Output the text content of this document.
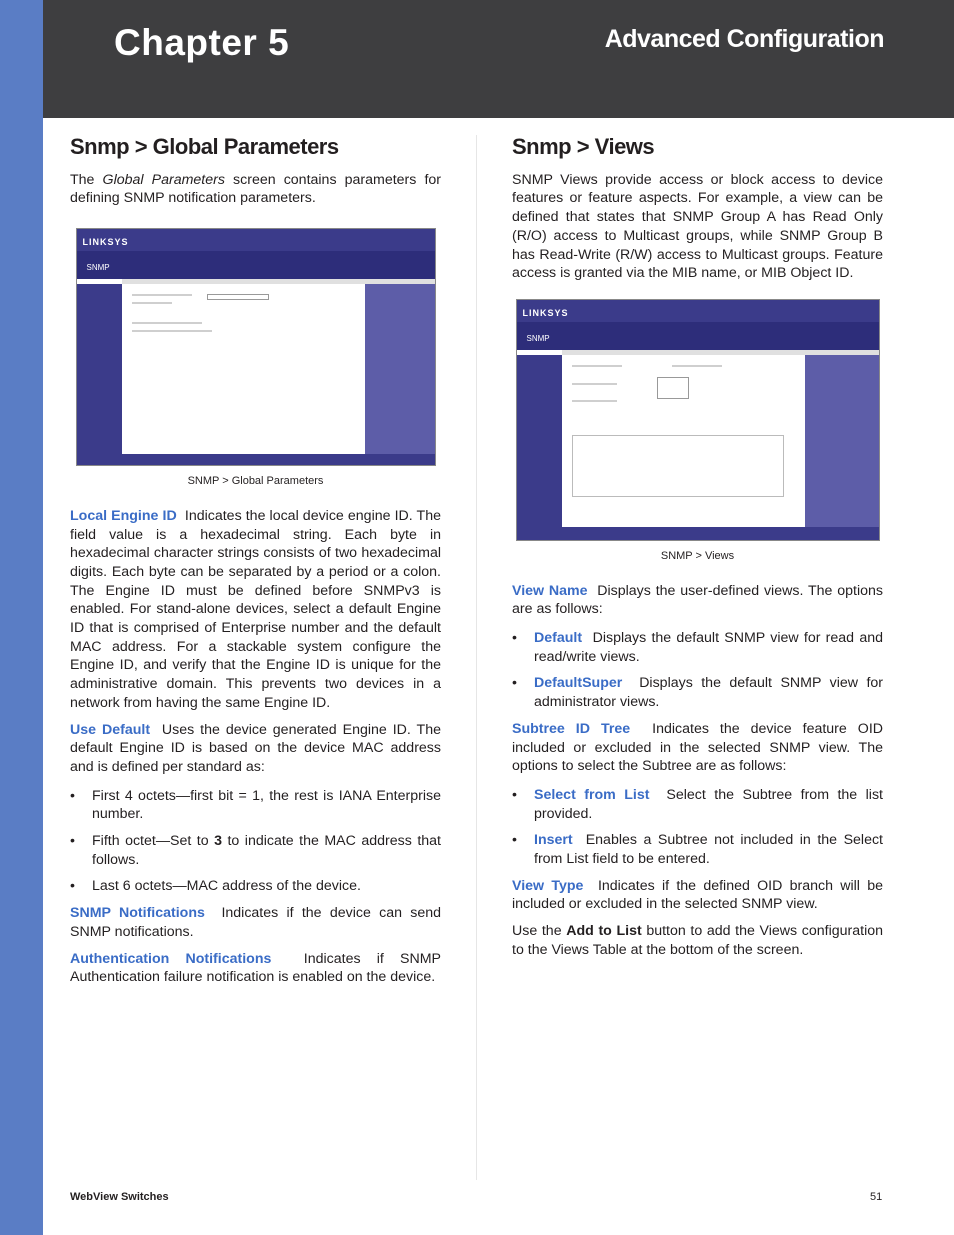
Chapter 5	Advanced Configuration
Snmp > Global Parameters

The Global Parameters screen contains parameters for defining SNMP notification parameters.

LINKSYS
SNMP
SNMP > Global Parameters

Local Engine ID Indicates the local device engine ID. The field value is a hexadecimal string. Each byte in hexadecimal character strings consists of two hexadecimal digits. Each byte can be separated by a period or a colon. The Engine ID must be defined before SNMPv3 is enabled. For stand-alone devices, select a default Engine ID that is comprised of Enterprise number and the default MAC address. For a stackable system configure the Engine ID, and verify that the Engine ID is unique for the administrative domain. This prevents two devices in a network from having the same Engine ID.

Use Default Uses the device generated Engine ID. The default Engine ID is based on the device MAC address and is defined per standard as:

• First 4 octets—first bit = 1, the rest is IANA Enterprise number.
• Fifth octet—Set to 3 to indicate the MAC address that follows.
• Last 6 octets—MAC address of the device.

SNMP Notifications Indicates if the device can send SNMP notifications.

Authentication Notifications Indicates if SNMP Authentication failure notification is enabled on the device.

Snmp > Views

SNMP Views provide access or block access to device features or feature aspects. For example, a view can be defined that states that SNMP Group A has Read Only (R/O) access to Multicast groups, while SNMP Group B has Read-Write (R/W) access to Multicast groups. Feature access is granted via the MIB name, or MIB Object ID.

LINKSYS
SNMP
SNMP > Views

View Name Displays the user-defined views. The options are as follows:

• Default Displays the default SNMP view for read and read/write views.
• DefaultSuper Displays the default SNMP view for administrator views.

Subtree ID Tree Indicates the device feature OID included or excluded in the selected SNMP view. The options to select the Subtree are as follows:

• Select from List Select the Subtree from the list provided.
• Insert Enables a Subtree not included in the Select from List field to be entered.

View Type Indicates if the defined OID branch will be included or excluded in the selected SNMP view.

Use the Add to List button to add the Views configuration to the Views Table at the bottom of the screen.

WebView Switches	51
